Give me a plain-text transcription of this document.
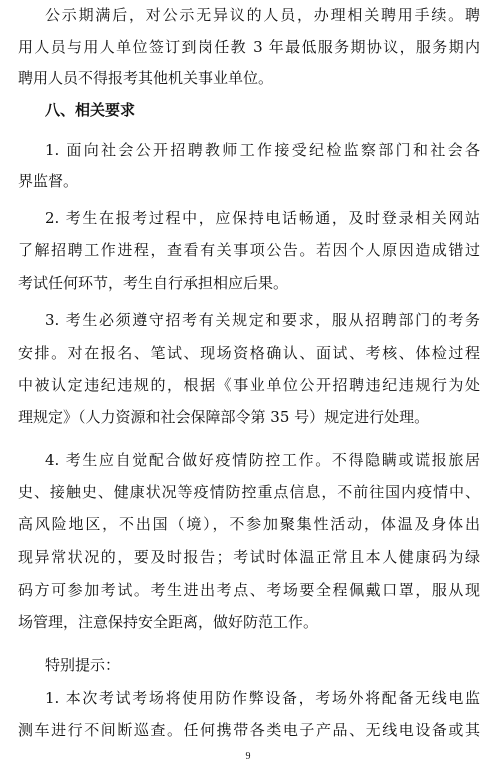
公示期满后，对公示无异议的人员，办理相关聘用手续。聘
用人员与用人单位签订到岗任教 3 年最低服务期协议，服务期内
聘用人员不得报考其他机关事业单位。
八、相关要求
1. 面向社会公开招聘教师工作接受纪检监察部门和社会各
界监督。
2. 考生在报考过程中，应保持电话畅通，及时登录相关网站
了解招聘工作进程，查看有关事项公告。若因个人原因造成错过
考试任何环节，考生自行承担相应后果。
3. 考生必须遵守招考有关规定和要求，服从招聘部门的考务
安排。对在报名、笔试、现场资格确认、面试、考核、体检过程
中被认定违纪违规的，根据《事业单位公开招聘违纪违规行为处
理规定》（人力资源和社会保障部令第 35 号）规定进行处理。
4. 考生应自觉配合做好疫情防控工作。不得隐瞒或谎报旅居
史、接触史、健康状况等疫情防控重点信息，不前往国内疫情中、
高风险地区，不出国（境），不参加聚集性活动，体温及身体出
现异常状况的，要及时报告；考试时体温正常且本人健康码为绿
码方可参加考试。考生进出考点、考场要全程佩戴口罩，服从现
场管理，注意保持安全距离，做好防范工作。
特别提示：
1. 本次考试考场将使用防作弊设备，考场外将配备无线电监
测车进行不间断巡查。任何携带各类电子产品、无线电设备或其
9
